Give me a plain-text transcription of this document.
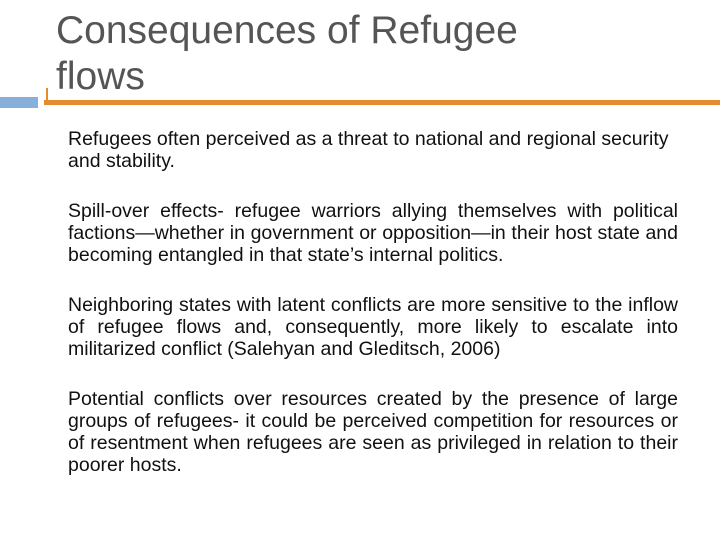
Consequences of Refugee
flows

Refugees often perceived as a threat to national and regional security and stability.

Spill-over effects- refugee warriors allying themselves with political factions—whether in government or opposition—in their host state and becoming entangled in that state’s internal politics.

Neighboring states with latent conflicts are more sensitive to the inflow of refugee flows and, consequently, more likely to escalate into militarized conflict (Salehyan and Gleditsch, 2006)

Potential conflicts over resources created by the presence of large groups of refugees- it could be perceived competition for resources or of resentment when refugees are seen as privileged in relation to their poorer hosts.
